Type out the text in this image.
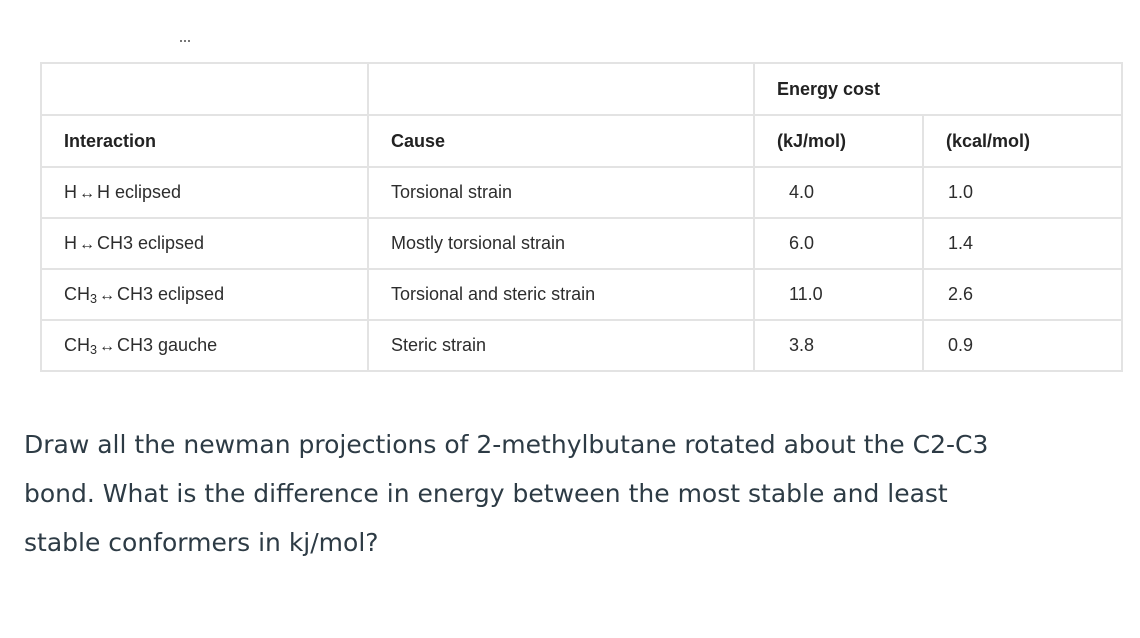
		Energy cost	
Interaction	Cause	(kJ/mol)	(kcal/mol)
H ↔ H eclipsed	Torsional strain	4.0	1.0
H ↔ CH3 eclipsed	Mostly torsional strain	6.0	1.4
$CH_3$ ↔ CH3 eclipsed	Torsional and steric strain	11.0	2.6
$CH_3$ ↔ CH3 gauche	Steric strain	3.8	0.9
Draw all the newman projections of 2-methylbutane rotated about the C2-C3
bond. What is the difference in energy between the most stable and least
stable conformers in kj/mol?
